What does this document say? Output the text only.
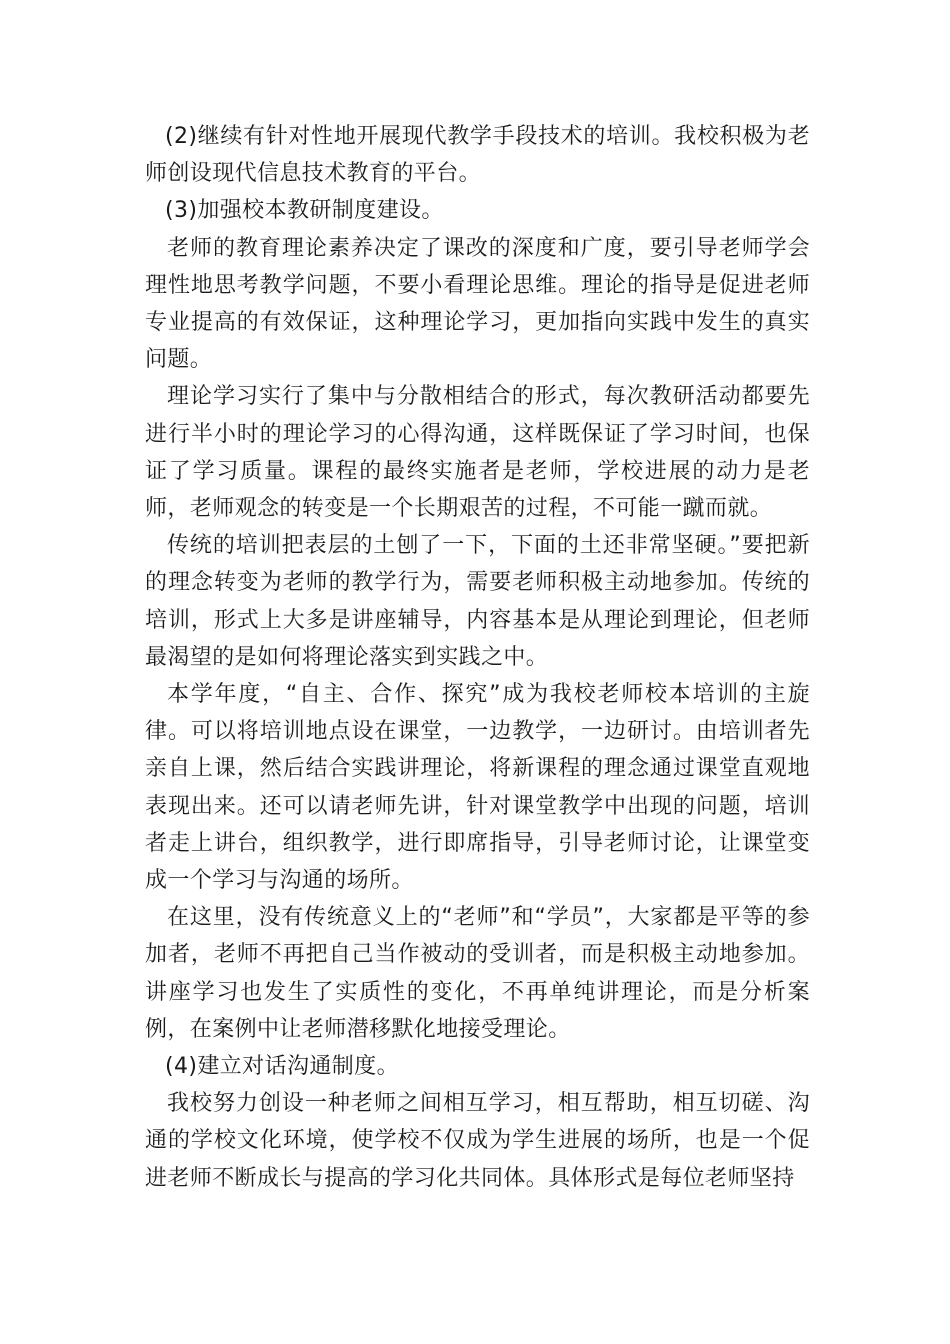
(2)继续有针对性地开展现代教学手段技术的培训。我校积极为老师创设现代信息技术教育的平台。

(3)加强校本教研制度建设。

老师的教育理论素养决定了课改的深度和广度，要引导老师学会理性地思考教学问题，不要小看理论思维。理论的指导是促进老师专业提高的有效保证，这种理论学习，更加指向实践中发生的真实问题。

理论学习实行了集中与分散相结合的形式，每次教研活动都要先进行半小时的理论学习的心得沟通，这样既保证了学习时间，也保证了学习质量。课程的最终实施者是老师，学校进展的动力是老师，老师观念的转变是一个长期艰苦的过程，不可能一蹴而就。

传统的培训把表层的土刨了一下，下面的土还非常坚硬。”要把新的理念转变为老师的教学行为，需要老师积极主动地参加。传统的培训，形式上大多是讲座辅导，内容基本是从理论到理论，但老师最渴望的是如何将理论落实到实践之中。

本学年度，“自主、合作、探究”成为我校老师校本培训的主旋律。可以将培训地点设在课堂，一边教学，一边研讨。由培训者先亲自上课，然后结合实践讲理论，将新课程的理念通过课堂直观地表现出来。还可以请老师先讲，针对课堂教学中出现的问题，培训者走上讲台，组织教学，进行即席指导，引导老师讨论，让课堂变成一个学习与沟通的场所。

在这里，没有传统意义上的“老师”和“学员”，大家都是平等的参加者，老师不再把自己当作被动的受训者，而是积极主动地参加。讲座学习也发生了实质性的变化，不再单纯讲理论，而是分析案例，在案例中让老师潜移默化地接受理论。

(4)建立对话沟通制度。

我校努力创设一种老师之间相互学习，相互帮助，相互切磋、沟通的学校文化环境，使学校不仅成为学生进展的场所，也是一个促进老师不断成长与提高的学习化共同体。具体形式是每位老师坚持
